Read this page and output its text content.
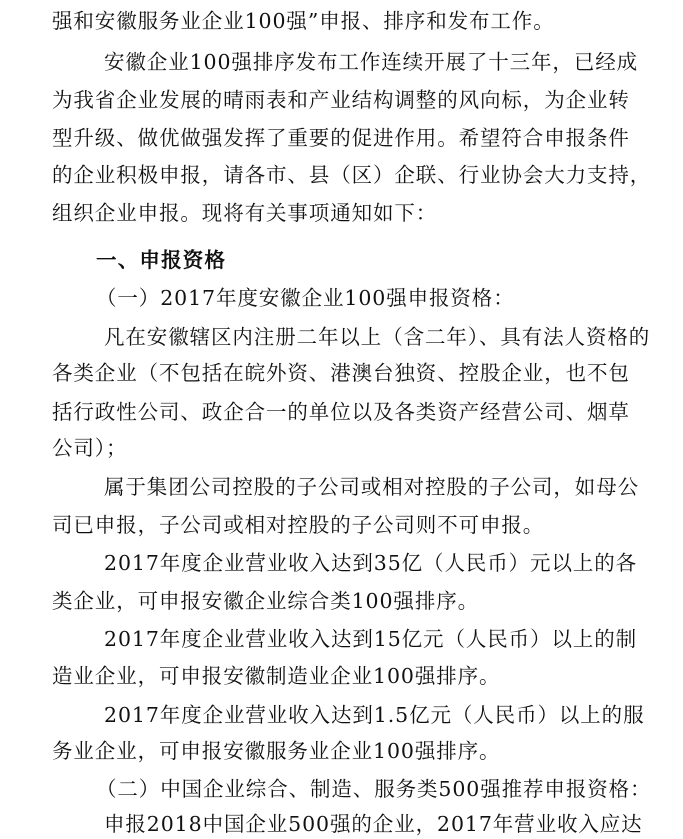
强和安徽服务业企业100强”申报、排序和发布工作。
安徽企业100强排序发布工作连续开展了十三年，已经成
为我省企业发展的晴雨表和产业结构调整的风向标，为企业转
型升级、做优做强发挥了重要的促进作用。希望符合申报条件
的企业积极申报，请各市、县（区）企联、行业协会大力支持，
组织企业申报。现将有关事项通知如下：
一、申报资格
（一）2017年度安徽企业100强申报资格：
凡在安徽辖区内注册二年以上（含二年）、具有法人资格的
各类企业（不包括在皖外资、港澳台独资、控股企业，也不包
括行政性公司、政企合一的单位以及各类资产经营公司、烟草
公司）；
属于集团公司控股的子公司或相对控股的子公司，如母公
司已申报，子公司或相对控股的子公司则不可申报。
2017年度企业营业收入达到35亿（人民币）元以上的各
类企业，可申报安徽企业综合类100强排序。
2017年度企业营业收入达到15亿元（人民币）以上的制
造业企业，可申报安徽制造业企业100强排序。
2017年度企业营业收入达到1.5亿元（人民币）以上的服
务业企业，可申报安徽服务业企业100强排序。
（二）中国企业综合、制造、服务类500强推荐申报资格：
申报2018中国企业500强的企业，2017年营业收入应达
